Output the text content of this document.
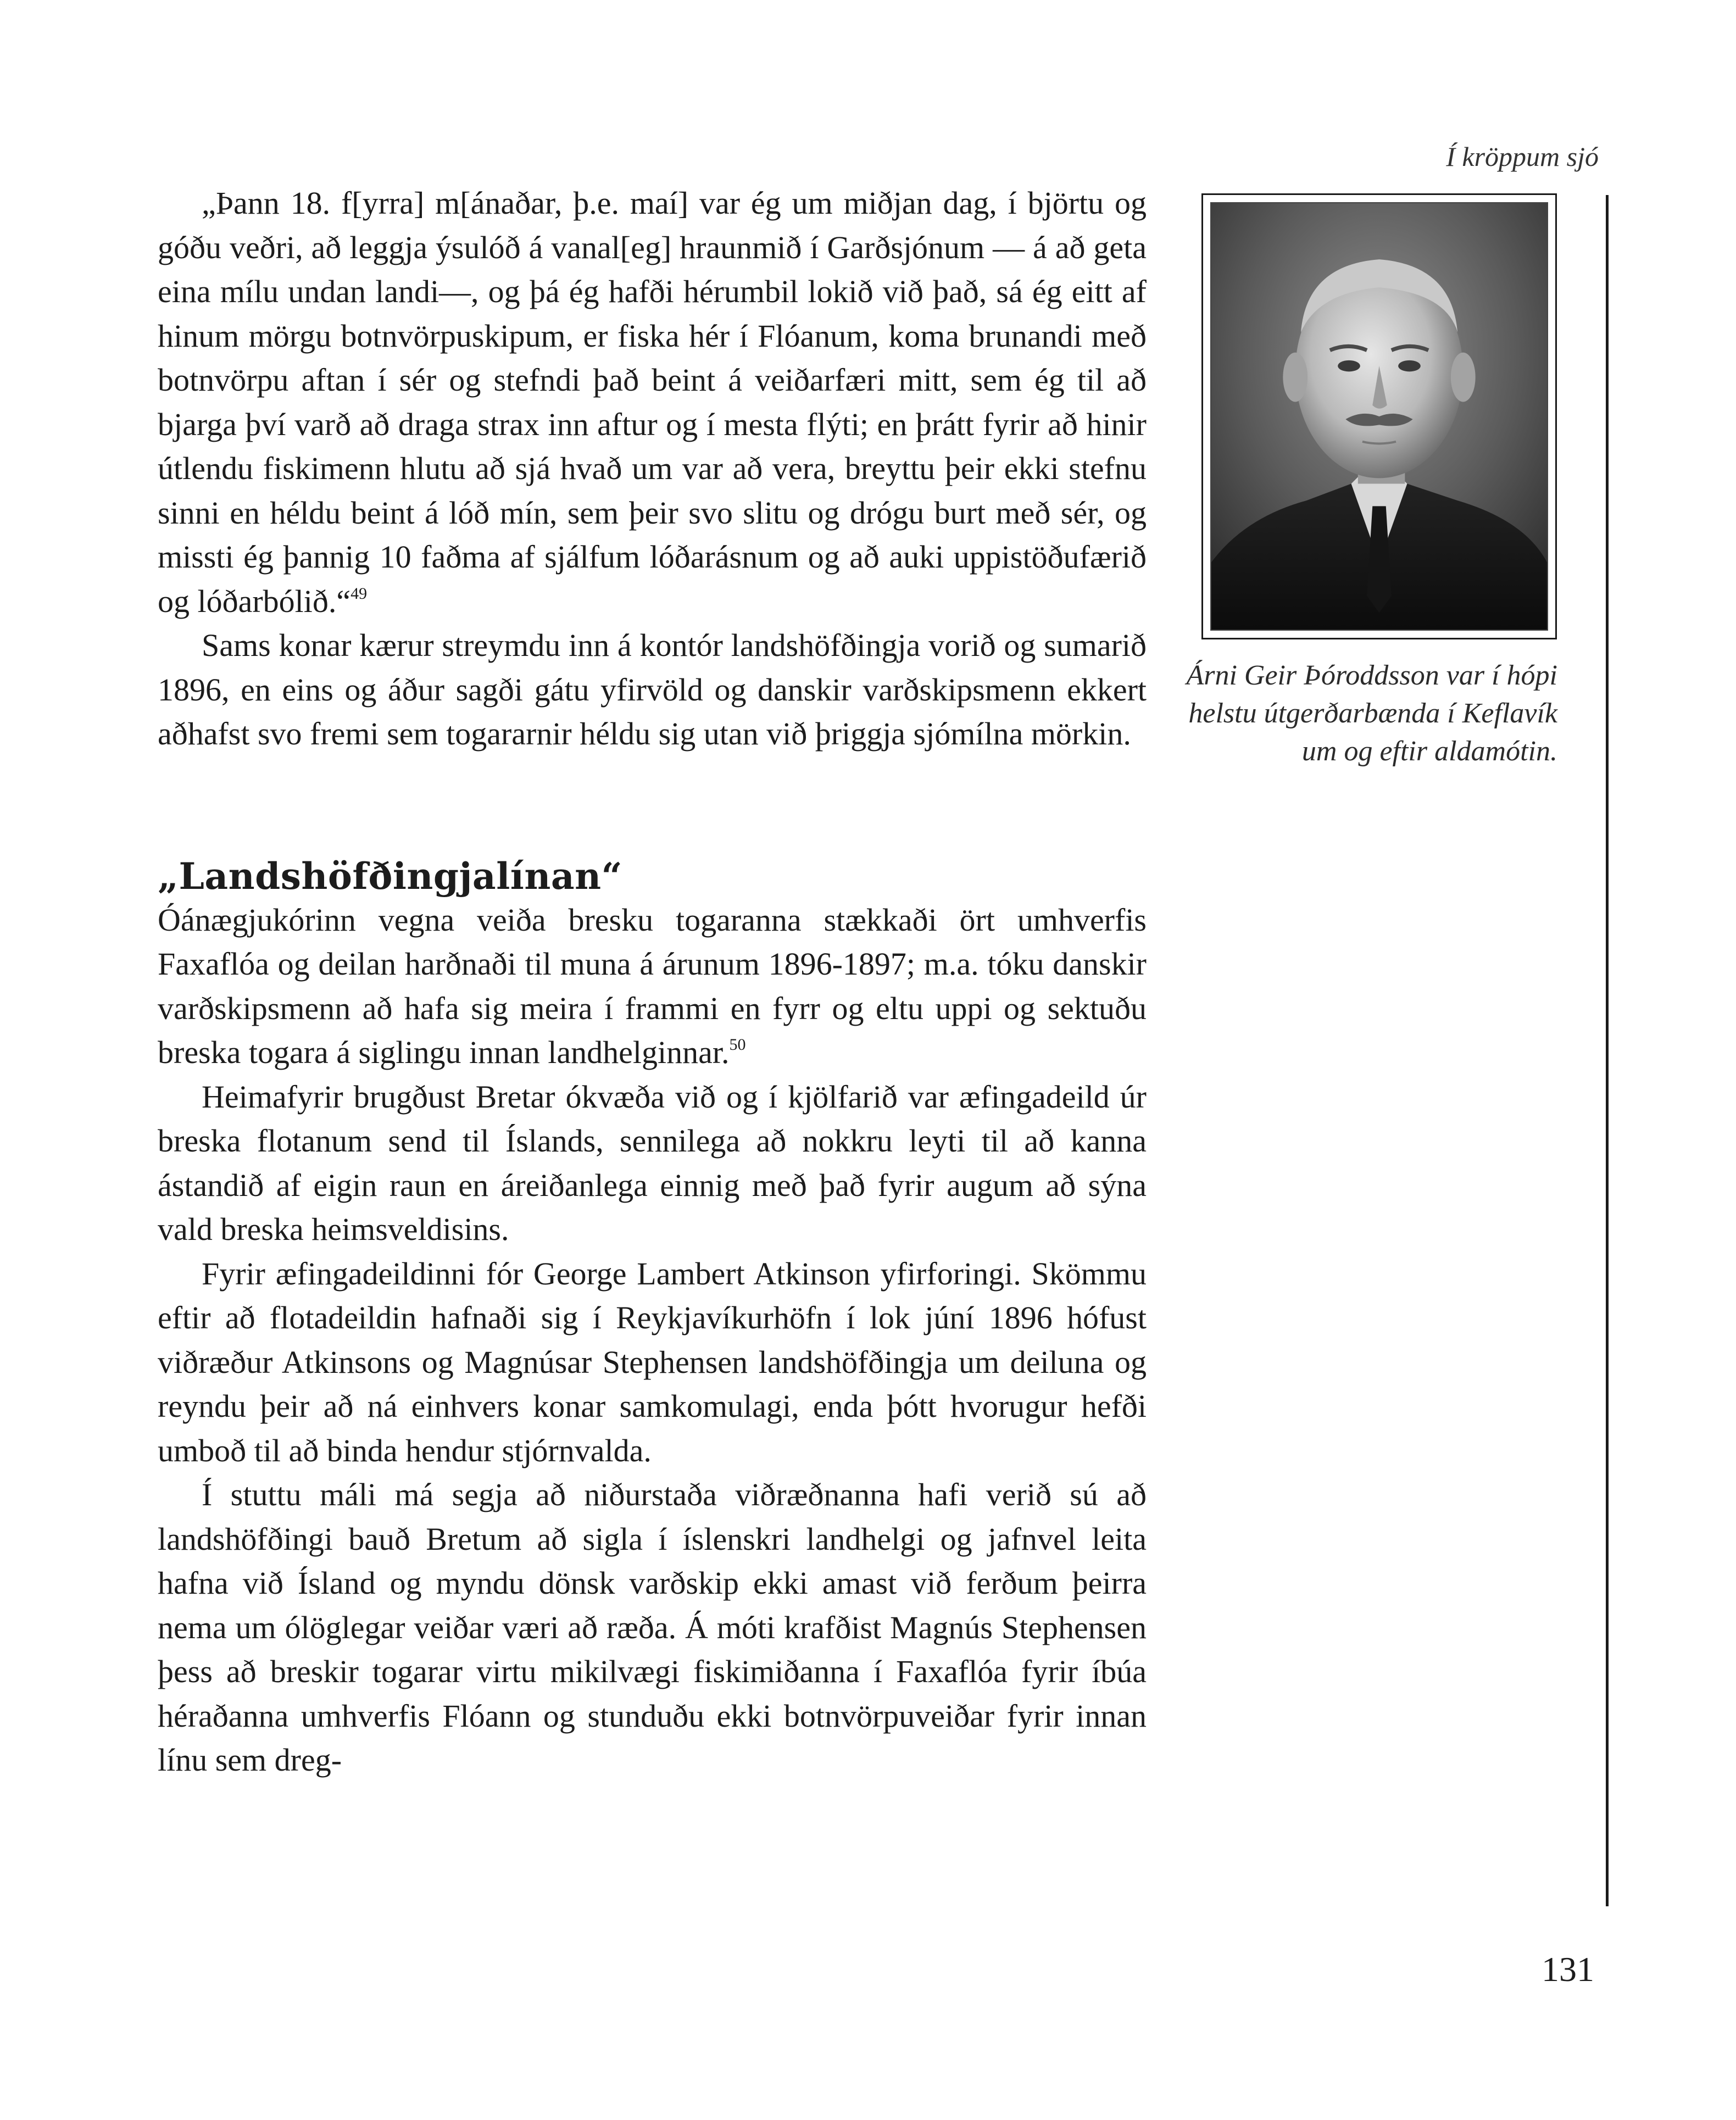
Í kröppum sjó

„Þann 18. f[yrra] m[ánaðar, þ.e. maí] var ég um miðjan dag, í björtu og góðu veðri, að leggja ýsulóð á vanal[eg] hraunmið í Garðsjónum — á að geta eina mílu undan landi—, og þá ég hafði hérumbil lokið við það, sá ég eitt af hinum mörgu botnvörpuskipum, er fiska hér í Flóanum, koma brunandi með botnvörpu aftan í sér og stefndi það beint á veiðarfæri mitt, sem ég til að bjarga því varð að draga strax inn aftur og í mesta flýti; en þrátt fyrir að hinir útlendu fiskimenn hlutu að sjá hvað um var að vera, breyttu þeir ekki stefnu sinni en héldu beint á lóð mín, sem þeir svo slitu og drógu burt með sér, og missti ég þannig 10 faðma af sjálfum lóðarásnum og að auki uppistöðufærið og lóðarbólið.“$^{49}$

Sams konar kærur streymdu inn á kontór landshöfðingja vorið og sumarið 1896, en eins og áður sagði gátu yfirvöld og danskir varðskipsmenn ekkert aðhafst svo fremi sem togararnir héldu sig utan við þriggja sjómílna mörkin.

„Landshöfðingjalínan“

Óánægjukórinn vegna veiða bresku togaranna stækkaði ört umhverfis Faxaflóa og deilan harðnaði til muna á árunum 1896-1897; m.a. tóku danskir varðskipsmenn að hafa sig meira í frammi en fyrr og eltu uppi og sektuðu breska togara á siglingu innan landhelginnar.$^{50}$

Heimafyrir brugðust Bretar ókvæða við og í kjölfarið var æfingadeild úr breska flotanum send til Íslands, sennilega að nokkru leyti til að kanna ástandið af eigin raun en áreiðanlega einnig með það fyrir augum að sýna vald breska heimsveldisins.

Fyrir æfingadeildinni fór George Lambert Atkinson yfirforingi. Skömmu eftir að flotadeildin hafnaði sig í Reykjavíkurhöfn í lok júní 1896 hófust viðræður Atkinsons og Magnúsar Stephensen landshöfðingja um deiluna og reyndu þeir að ná einhvers konar samkomulagi, enda þótt hvorugur hefði umboð til að binda hendur stjórnvalda.

Í stuttu máli má segja að niðurstaða viðræðnanna hafi verið sú að landshöfðingi bauð Bretum að sigla í íslenskri landhelgi og jafnvel leita hafna við Ísland og myndu dönsk varðskip ekki amast við ferðum þeirra nema um ólöglegar veiðar væri að ræða. Á móti krafðist Magnús Stephensen þess að breskir togarar virtu mikilvægi fiskimiðanna í Faxaflóa fyrir íbúa héraðanna umhverfis Flóann og stunduðu ekki botnvörpuveiðar fyrir innan línu sem dreg-

Árni Geir Þóroddsson var í hópi helstu útgerðarbænda í Keflavík um og eftir aldamótin.
131
